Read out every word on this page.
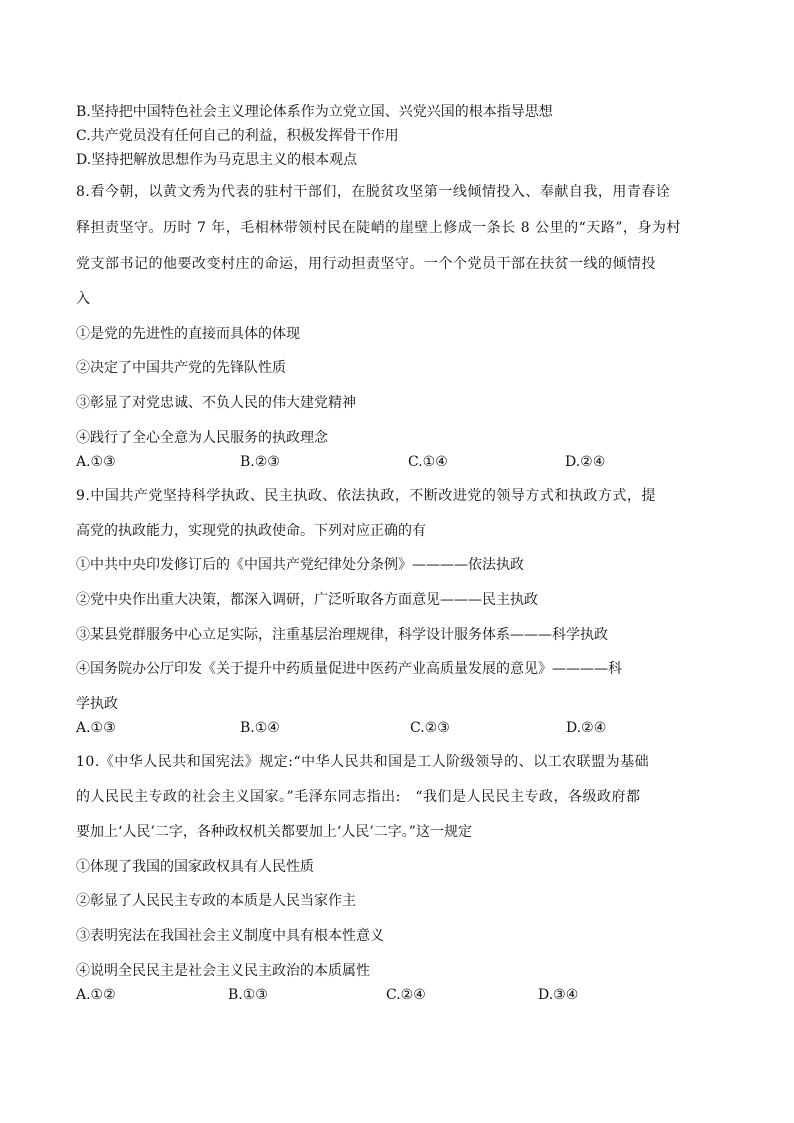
B.坚持把中国特色社会主义理论体系作为立党立国、兴党兴国的根本指导思想
C.共产党员没有任何自己的利益，积极发挥骨干作用
D.坚持把解放思想作为马克思主义的根本观点
8.看今朝，以黄文秀为代表的驻村干部们，在脱贫攻坚第一线倾情投入、奉献自我，用青春诠
释担责坚守。历时 7 年，毛相林带领村民在陡峭的崖壁上修成一条长 8 公里的“天路”，身为村
党支部书记的他要改变村庄的命运，用行动担责坚守。一个个党员干部在扶贫一线的倾情投
入
①是党的先进性的直接而具体的体现
②决定了中国共产党的先锋队性质
③彰显了对党忠诚、不负人民的伟大建党精神
④践行了全心全意为人民服务的执政理念
A.①③	B.②③	C.①④	D.②④
9.中国共产党坚持科学执政、民主执政、依法执政，不断改进党的领导方式和执政方式，提
高党的执政能力，实现党的执政使命。下列对应正确的有
①中共中央印发修订后的《中国共产党纪律处分条例》————依法执政
②党中央作出重大决策，都深入调研，广泛听取各方面意见———民主执政
③某县党群服务中心立足实际，注重基层治理规律，科学设计服务体系———科学执政
④国务院办公厅印发《关于提升中药质量促进中医药产业高质量发展的意见》————科
学执政
A.①③	B.①④	C.②③	D.②④
10.《中华人民共和国宪法》规定:“中华人民共和国是工人阶级领导的、以工农联盟为基础
的人民民主专政的社会主义国家。”毛泽东同志指出:　“我们是人民民主专政，各级政府都
要加上‘人民’二字，各种政权机关都要加上‘人民’二字。”这一规定
①体现了我国的国家政权具有人民性质
②彰显了人民民主专政的本质是人民当家作主
③表明宪法在我国社会主义制度中具有根本性意义
④说明全民民主是社会主义民主政治的本质属性
A.①②	B.①③	C.②④	D.③④
